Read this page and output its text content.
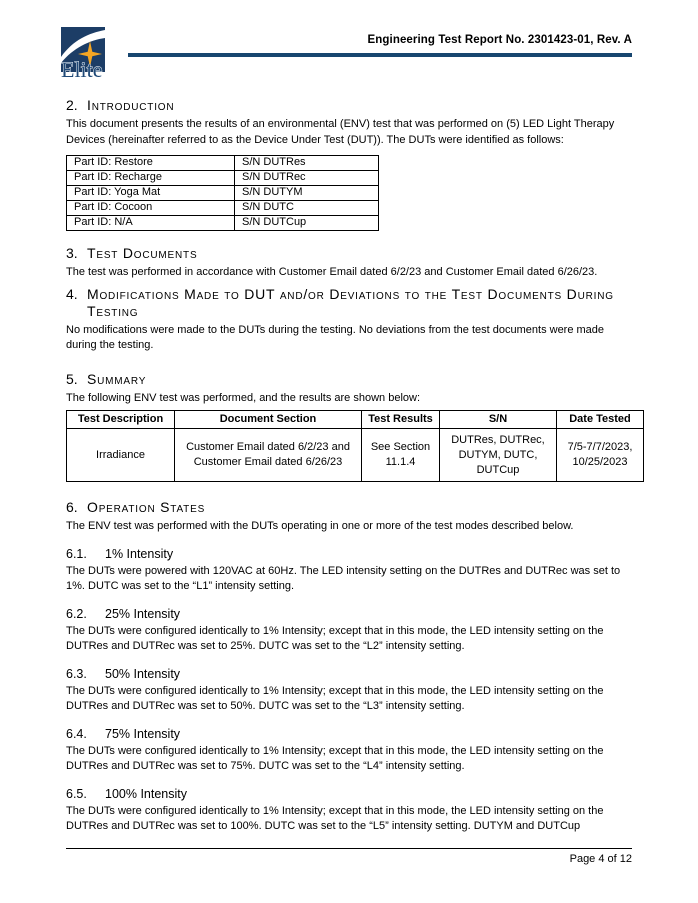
Elite
Engineering Test Report No. 2301423-01, Rev. A
2. Introduction

This document presents the results of an environmental (ENV) test that was performed on (5) LED Light Therapy Devices (hereinafter referred to as the Device Under Test (DUT)). The DUTs were identified as follows:

Part ID: Restore	S/N DUTRes
Part ID: Recharge	S/N DUTRec
Part ID: Yoga Mat	S/N DUTYM
Part ID: Cocoon	S/N DUTC
Part ID: N/A	S/N DUTCup
3. Test Documents

The test was performed in accordance with Customer Email dated 6/2/23 and Customer Email dated 6/26/23.

4. Modifications Made to DUT and/or Deviations to the Test Documents During Testing

No modifications were made to the DUTs during the testing. No deviations from the test documents were made during the testing.

5. Summary

The following ENV test was performed, and the results are shown below:

Test Description	Document Section	Test Results	S/N	Date Tested
Irradiance	Customer Email dated 6/2/23 and Customer Email dated 6/26/23	See Section 11.1.4	DUTRes, DUTRec, DUTYM, DUTC, DUTCup	7/5-7/7/2023, 10/25/2023
6. Operation States

The ENV test was performed with the DUTs operating in one or more of the test modes described below.

6.1.	1% Intensity

The DUTs were powered with 120VAC at 60Hz. The LED intensity setting on the DUTRes and DUTRec was set to 1%. DUTC was set to the “L1” intensity setting.

6.2.	25% Intensity

The DUTs were configured identically to 1% Intensity; except that in this mode, the LED intensity setting on the DUTRes and DUTRec was set to 25%. DUTC was set to the “L2” intensity setting.

6.3.	50% Intensity

The DUTs were configured identically to 1% Intensity; except that in this mode, the LED intensity setting on the DUTRes and DUTRec was set to 50%. DUTC was set to the “L3” intensity setting.

6.4.	75% Intensity

The DUTs were configured identically to 1% Intensity; except that in this mode, the LED intensity setting on the DUTRes and DUTRec was set to 75%. DUTC was set to the “L4” intensity setting.

6.5.	100% Intensity

The DUTs were configured identically to 1% Intensity; except that in this mode, the LED intensity setting on the DUTRes and DUTRec was set to 100%. DUTC was set to the “L5” intensity setting. DUTYM and DUTCup

Page 4 of 12
